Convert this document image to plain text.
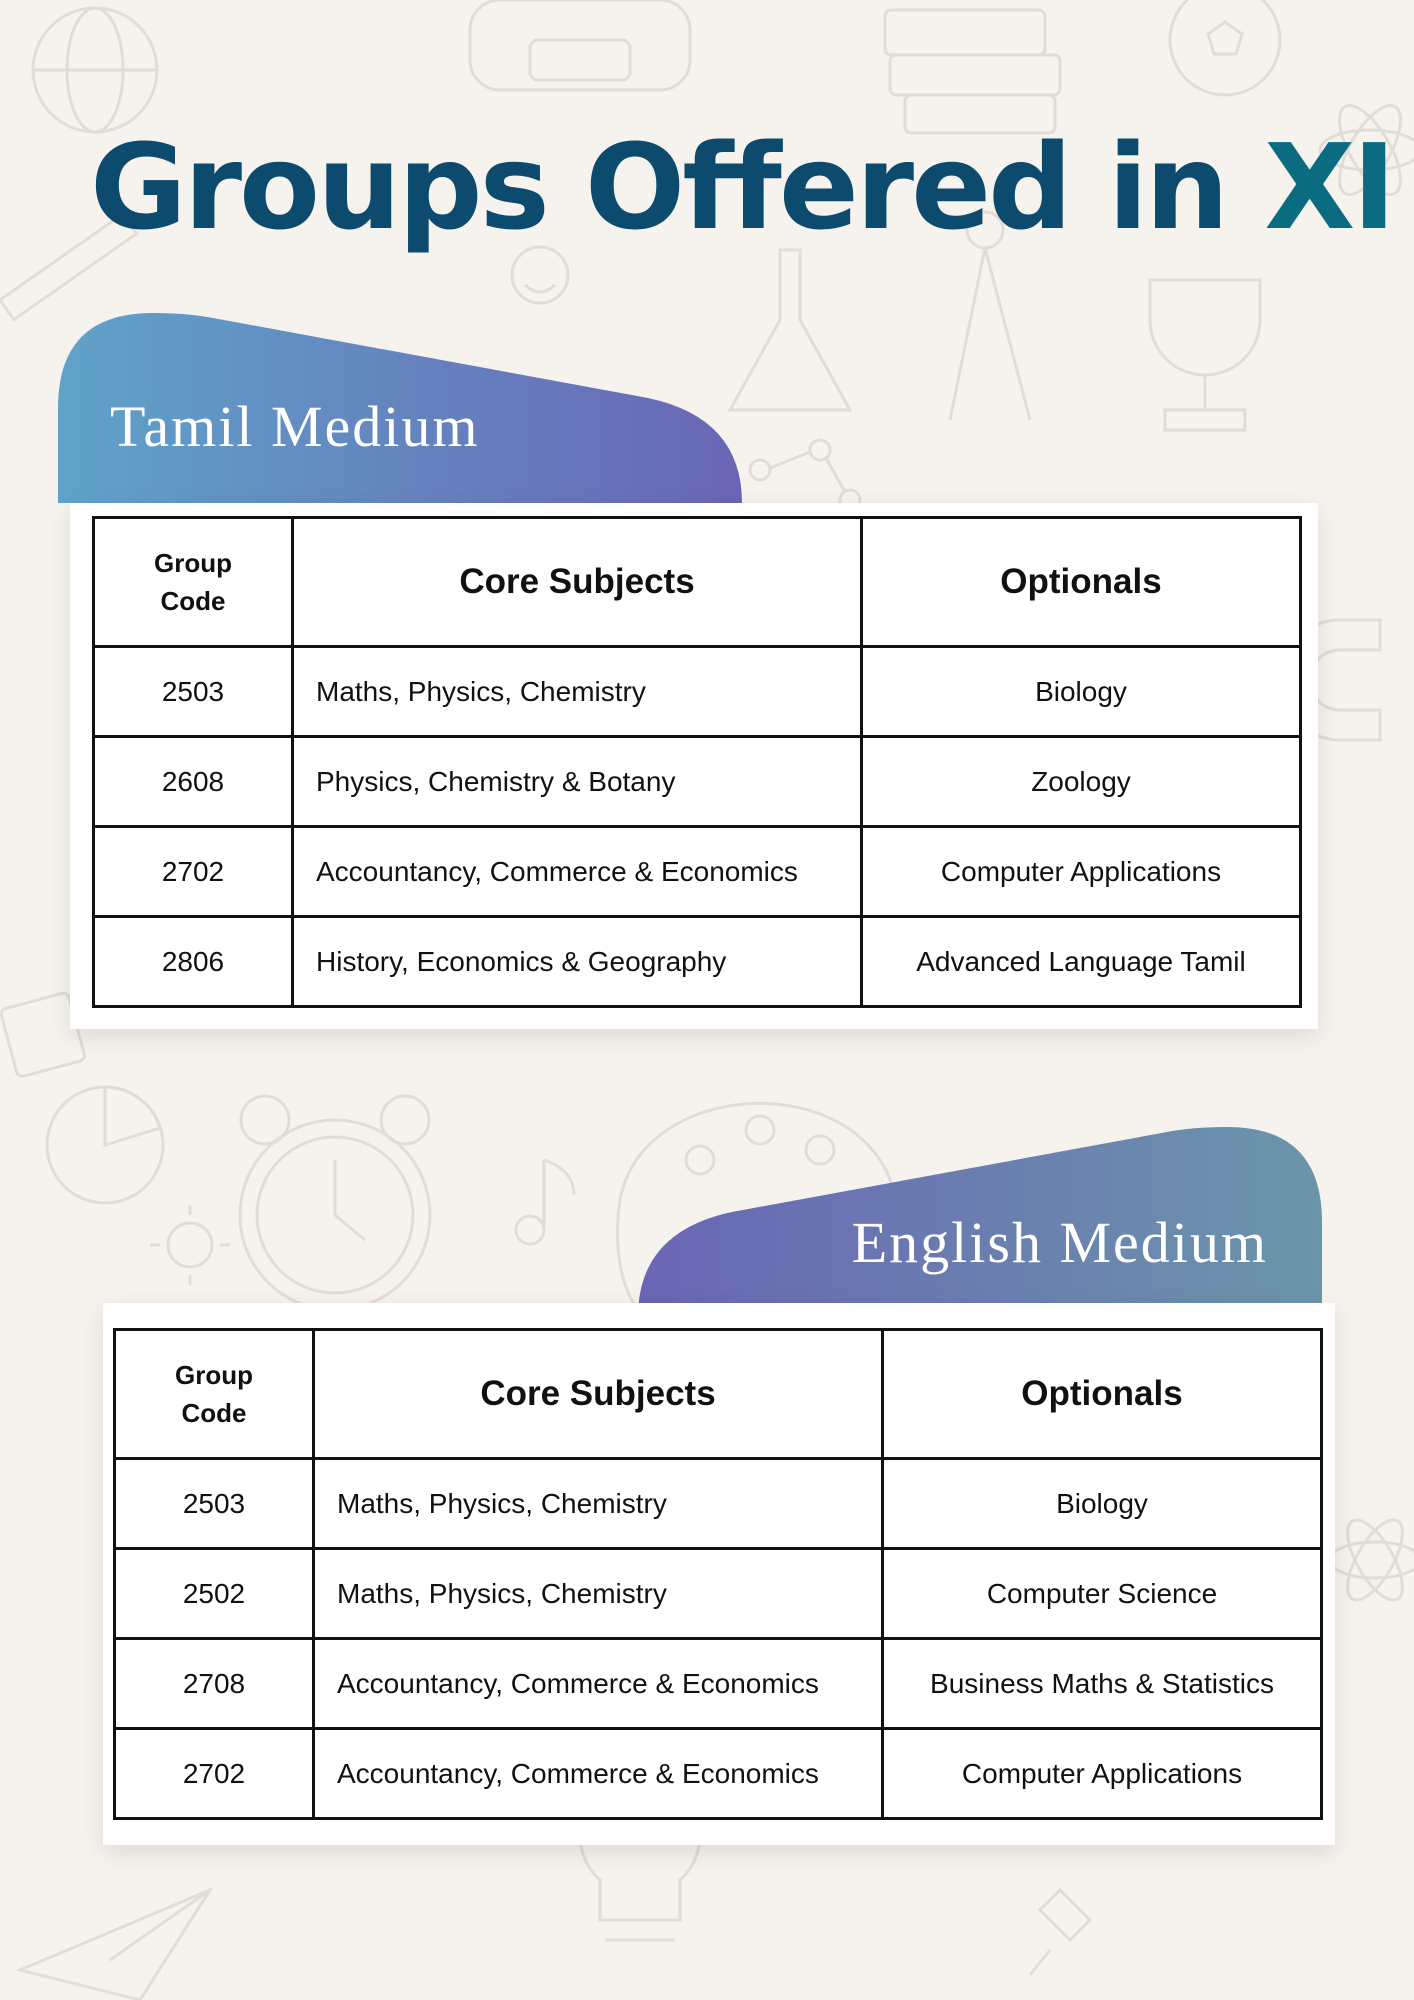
Groups Offered in XI
Tamil Medium
Group
Code	Core Subjects	Optionals
2503	Maths, Physics, Chemistry	Biology
2608	Physics, Chemistry & Botany	Zoology
2702	Accountancy, Commerce & Economics	Computer Applications
2806	History, Economics & Geography	Advanced Language Tamil
English Medium
Group
Code	Core Subjects	Optionals
2503	Maths, Physics, Chemistry	Biology
2502	Maths, Physics, Chemistry	Computer Science
2708	Accountancy, Commerce & Economics	Business Maths & Statistics
2702	Accountancy, Commerce & Economics	Computer Applications
